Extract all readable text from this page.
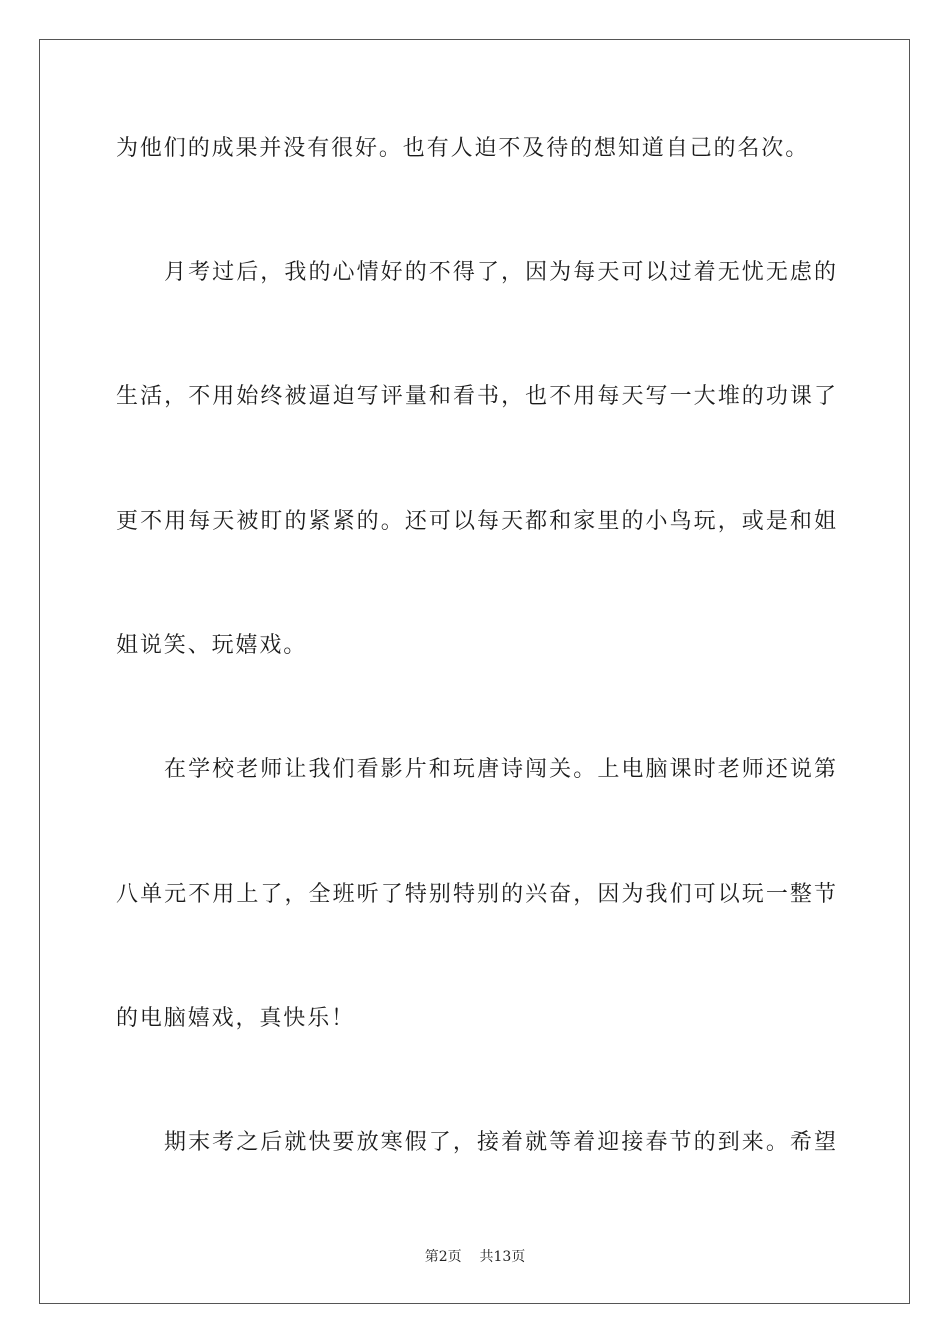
为他们的成果并没有很好。也有人迫不及待的想知道自己的名次。
月考过后，我的心情好的不得了，因为每天可以过着无忧无虑的
生活，不用始终被逼迫写评量和看书，也不用每天写一大堆的功课了
更不用每天被盯的紧紧的。还可以每天都和家里的小鸟玩，或是和姐
姐说笑、玩嬉戏。
在学校老师让我们看影片和玩唐诗闯关。上电脑课时老师还说第
八单元不用上了，全班听了特别特别的兴奋，因为我们可以玩一整节
的电脑嬉戏，真快乐！
期末考之后就快要放寒假了，接着就等着迎接春节的到来。希望
第2页 共13页
